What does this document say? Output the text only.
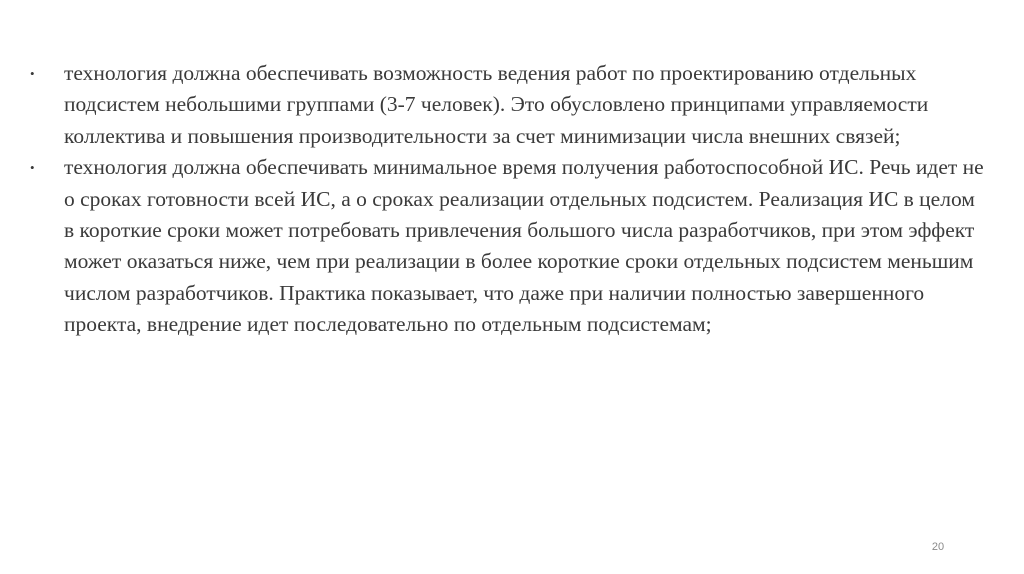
•	технология должна обеспечивать возможность ведения работ по проектированию отдельных подсистем небольшими группами (3-7 человек). Это обусловлено принципами управляемости коллектива и повышения производительности за счет минимизации числа внешних связей;
•	технология должна обеспечивать минимальное время получения работоспособной ИС. Речь идет не о сроках готовности всей ИС, а о сроках реализации отдельных подсистем. Реализация ИС в целом в короткие сроки может потребовать привлечения большого числа разработчиков, при этом эффект может оказаться ниже, чем при реализации в более короткие сроки отдельных подсистем меньшим числом разработчиков. Практика показывает, что даже при наличии полностью завершенного проекта, внедрение идет последовательно по отдельным подсистемам;
20
